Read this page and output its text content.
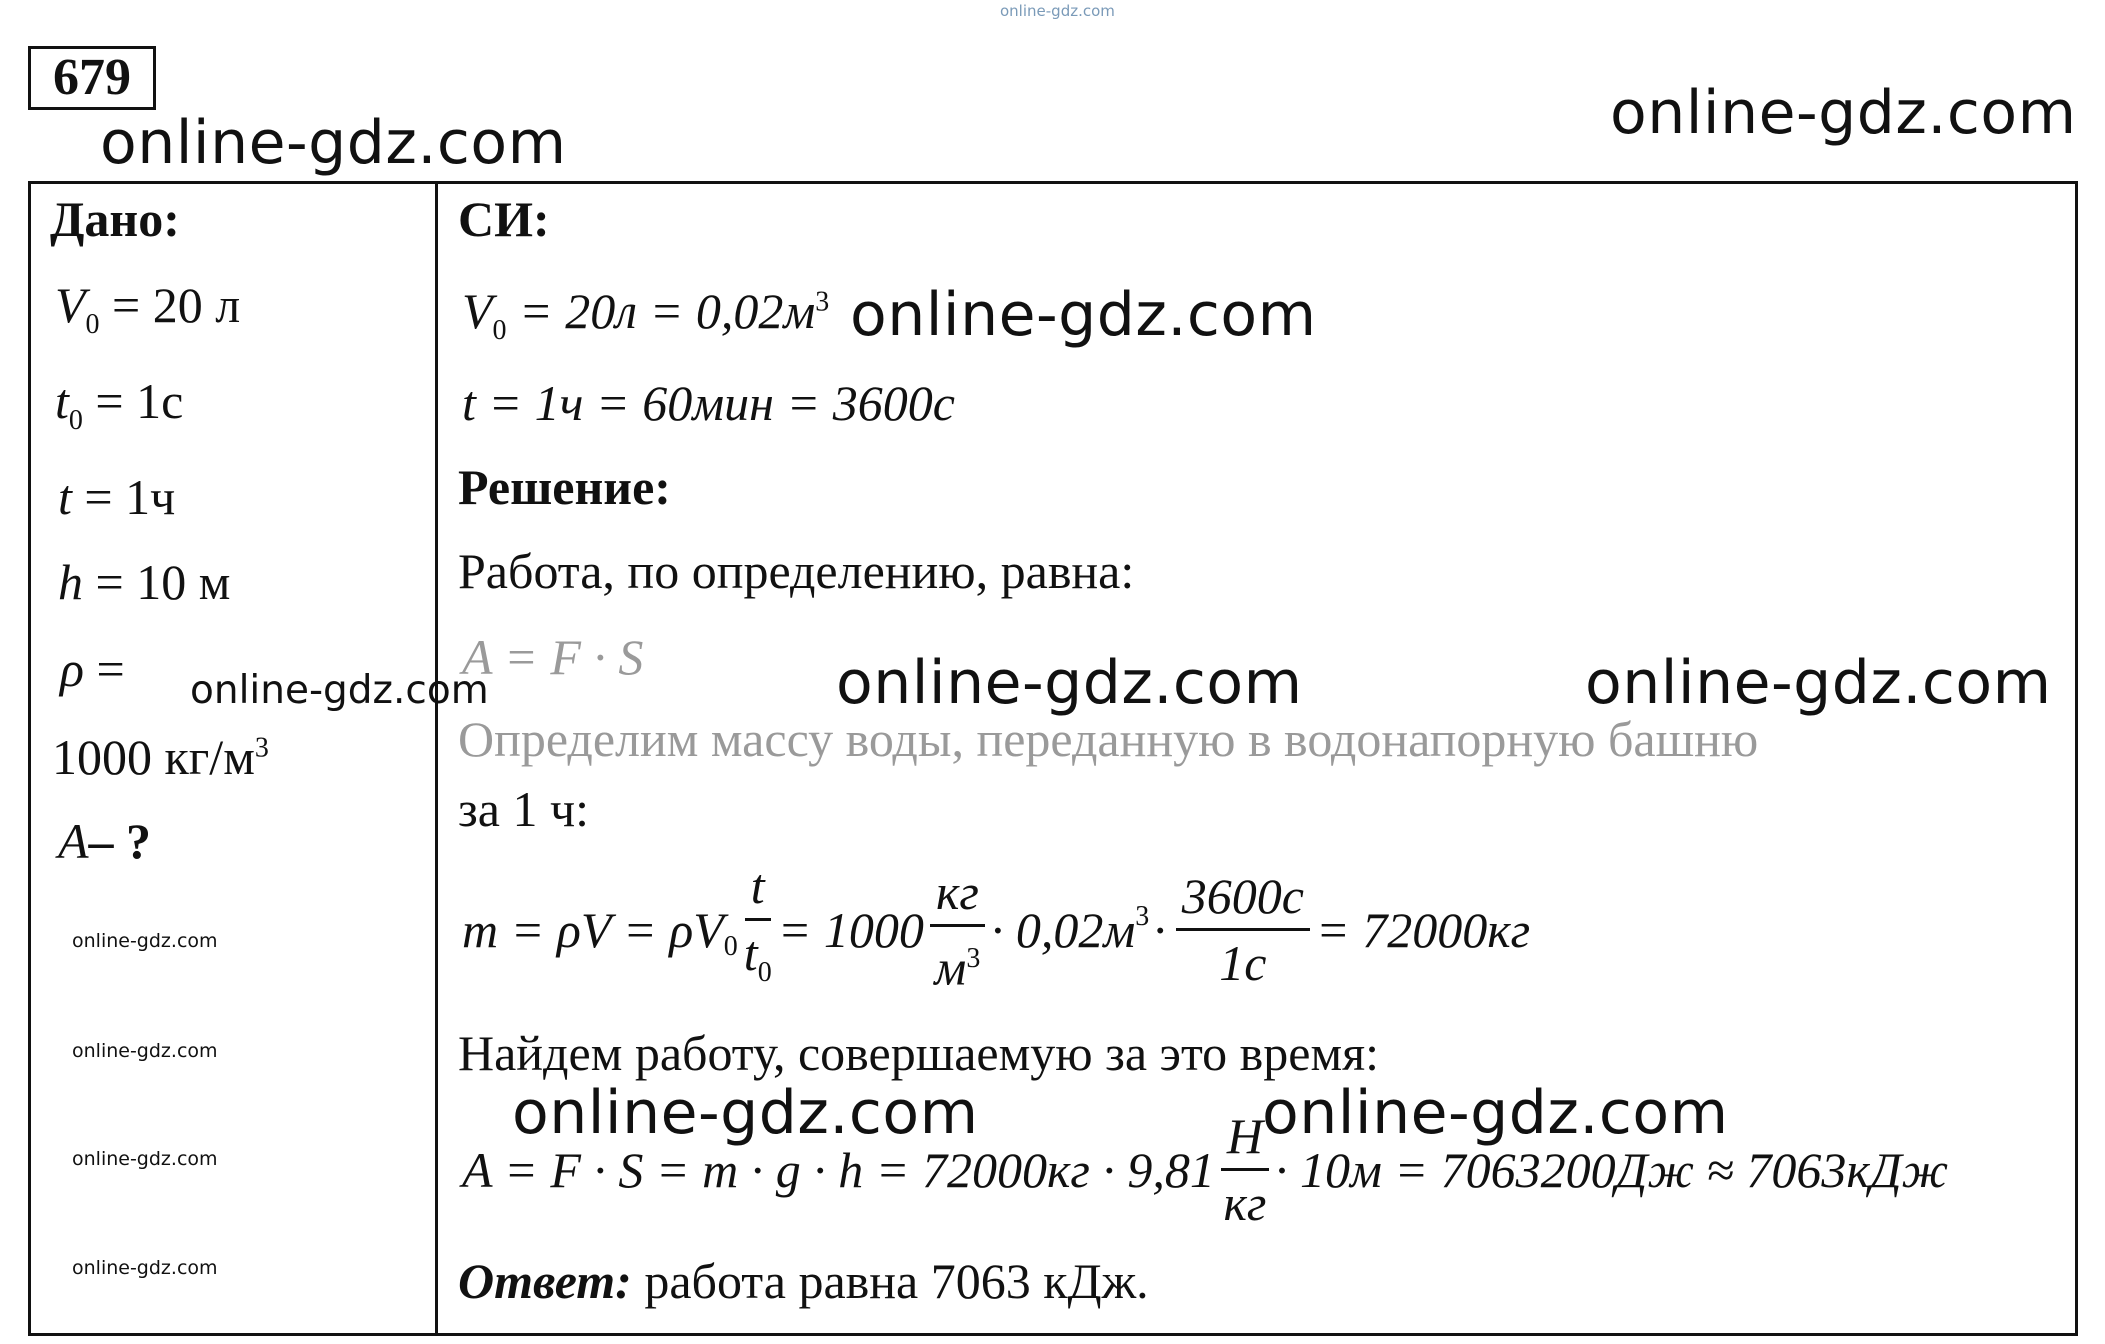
online-gdz.com
679
online-gdz.com	online-gdz.com
Дано:
$V_0 = 20$ л
$t_0 = 1с$
t = 1ч
h = 10 м
ρ =
1000 $кг/м^3$
A– ?
online-gdz.com
online-gdz.com
online-gdz.com
online-gdz.com
СИ:
$V_0 = 20л = 0,02м^3$ online-gdz.com
t = 1ч = 60мин = 3600с
Решение:
Работа, по определению, равна:
A = F · S	online-gdz.com	online-gdz.com
online-gdz.com
Определим массу воды, переданную в водонапорную башню
за 1 ч:
$m = \rho V = \rho V_0 \frac{t}{t_0} = 1000 \frac{кг}{м^3} \cdot 0,02м^3 \cdot \frac{3600с}{1с} = 72000кг$
Найдем работу, совершаемую за это время:
online-gdz.com	online-gdz.com
$A = F \cdot S = m \cdot g \cdot h = 72000кг \cdot 9,81 \frac{Н}{кг} \cdot 10м = 7063200Дж \approx 7063кДж$
Ответ: работа равна 7063 кДж.
